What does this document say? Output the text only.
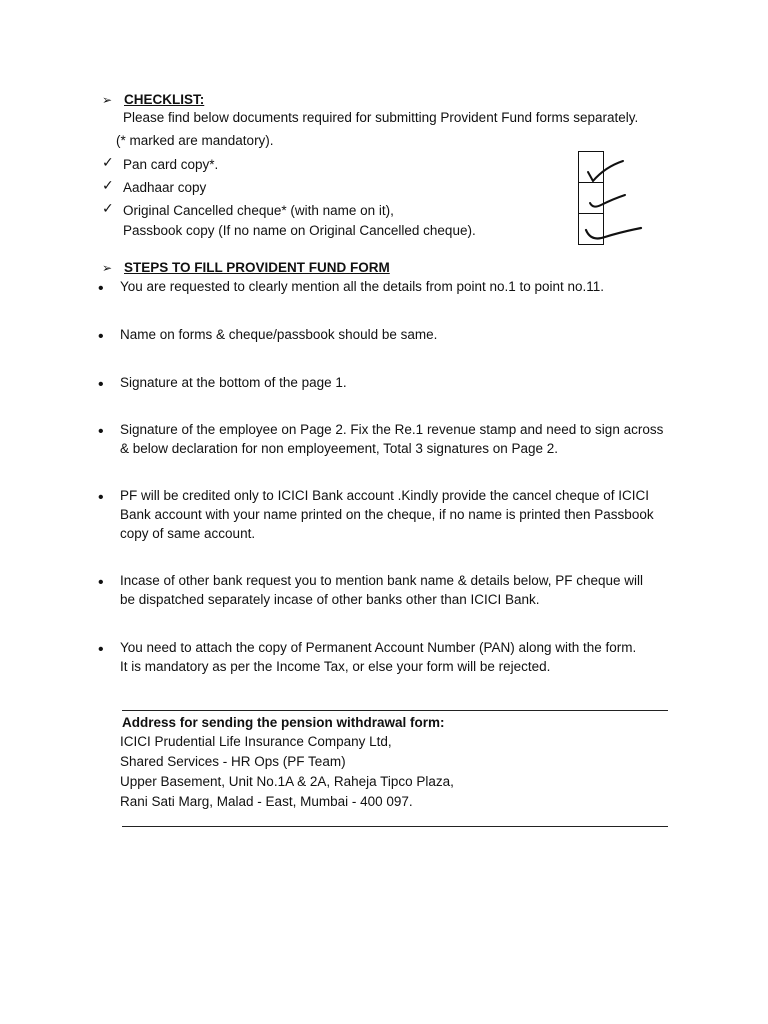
➢ CHECKLIST:
Please find below documents required for submitting Provident Fund forms separately.
(* marked are mandatory).
✓ Pan card copy*.
✓ Aadhaar copy
✓ Original Cancelled cheque* (with name on it),
Passbook copy (If no name on Original Cancelled cheque).
➢ STEPS TO FILL PROVIDENT FUND FORM
• You are requested to clearly mention all the details from point no.1 to point no.11.
• Name on forms & cheque/passbook should be same.
• Signature at the bottom of the page 1.
• Signature of the employee on Page 2. Fix the Re.1 revenue stamp and need to sign across
& below declaration for non employeement, Total 3 signatures on Page 2.
• PF will be credited only to ICICI Bank account .Kindly provide the cancel cheque of ICICI
Bank account with your name printed on the cheque, if no name is printed then Passbook
copy of same account.
• Incase of other bank request you to mention bank name & details below, PF cheque will
be dispatched separately incase of other banks other than ICICI Bank.
• You need to attach the copy of Permanent Account Number (PAN) along with the form.
It is mandatory as per the Income Tax, or else your form will be rejected.
Address for sending the pension withdrawal form:
ICICI Prudential Life Insurance Company Ltd,
Shared Services - HR Ops (PF Team)
Upper Basement, Unit No.1A & 2A, Raheja Tipco Plaza,
Rani Sati Marg, Malad - East, Mumbai - 400 097.
